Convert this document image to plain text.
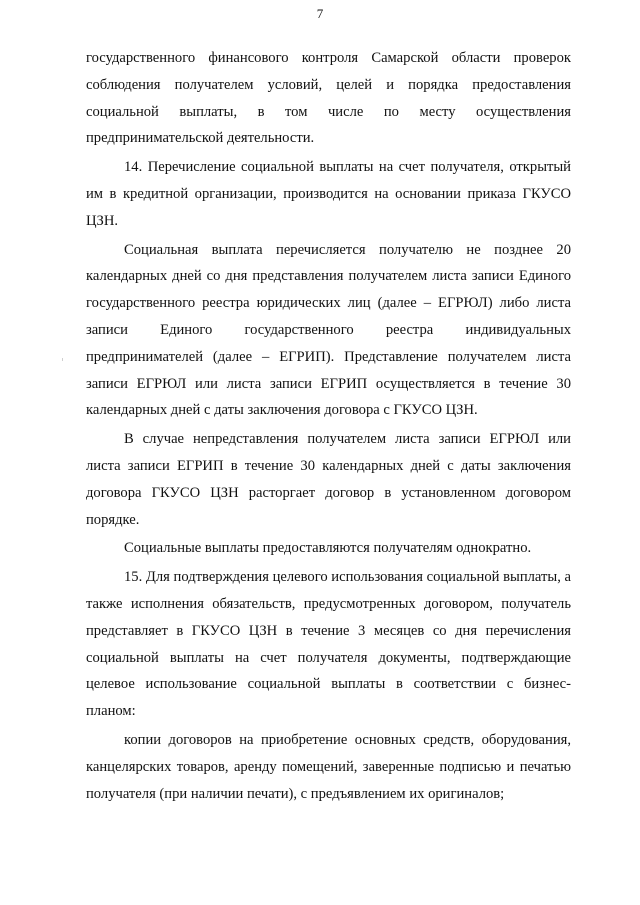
7

государственного финансового контроля Самарской области проверок соблюдения получателем условий, целей и порядка предоставления социальной выплаты, в том числе по месту осуществления предпринимательской деятельности.

14. Перечисление социальной выплаты на счет получателя, открытый им в кредитной организации, производится на основании приказа ГКУСО ЦЗН.

Социальная выплата перечисляется получателю не позднее 20 календарных дней со дня представления получателем листа записи Единого государственного реестра юридических лиц (далее – ЕГРЮЛ) либо листа записи Единого государственного реестра индивидуальных предпринимателей (далее – ЕГРИП). Представление получателем листа записи ЕГРЮЛ или листа записи ЕГРИП осуществляется в течение 30 календарных дней с даты заключения договора с ГКУСО ЦЗН.

В случае непредставления получателем листа записи ЕГРЮЛ или листа записи ЕГРИП в течение 30 календарных дней с даты заключения договора ГКУСО ЦЗН расторгает договор в установленном договором порядке.

Социальные выплаты предоставляются получателям однократно.

15. Для подтверждения целевого использования социальной выплаты, а также исполнения обязательств, предусмотренных договором, получатель представляет в ГКУСО ЦЗН в течение 3 месяцев со дня перечисления социальной выплаты на счет получателя документы, подтверждающие целевое использование социальной выплаты в соответствии с бизнес-планом:

копии договоров на приобретение основных средств, оборудования, канцелярских товаров, аренду помещений, заверенные подписью и печатью получателя (при наличии печати), с предъявлением их оригиналов;
